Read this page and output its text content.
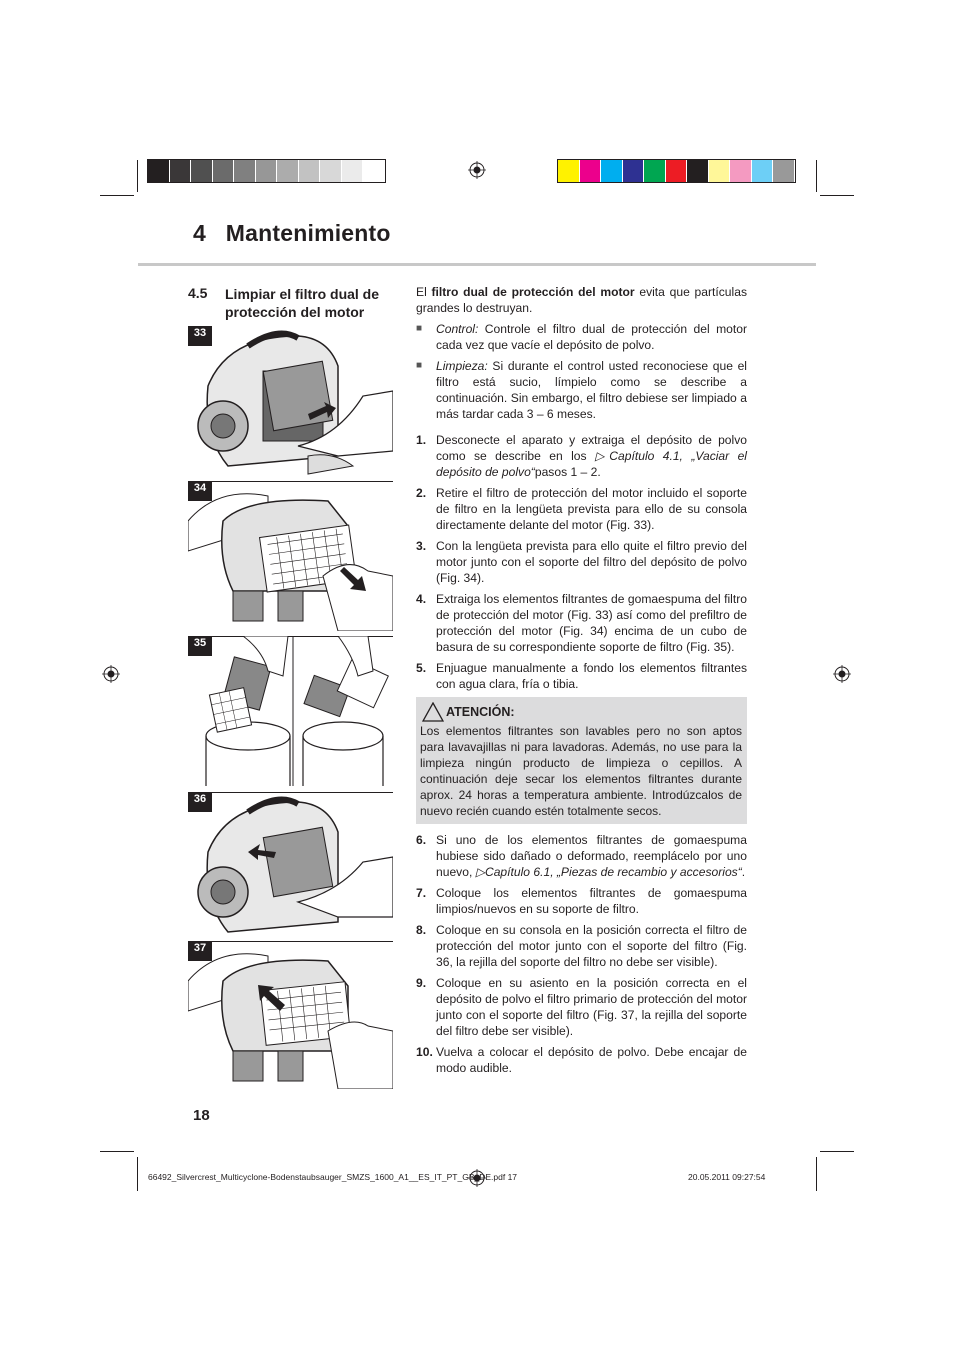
4 Mantenimiento
4.5 Limpiar el filtro dual de protección del motor
33
34
35
36
37

El filtro dual de protección del motor evita que partículas grandes lo destruyan.

■ Control: Controle el filtro dual de protección del motor cada vez que vacíe el depósito de polvo.
■ Limpieza: Si durante el control usted reconociese que el filtro está sucio, límpielo como se describe a continuación. Sin embargo, el filtro debiese ser limpiado a más tardar cada 3 – 6 meses.
1. Desconecte el aparato y extraiga el depósito de polvo como se describe en los ▷Capítulo 4.1, „Vaciar el depósito de polvo“pasos 1 – 2.
2. Retire el filtro de protección del motor incluido el soporte de filtro en la lengüeta prevista para ello de su consola directamente delante del motor (Fig. 33).
3. Con la lengüeta prevista para ello quite el filtro previo del motor junto con el soporte del filtro del depósito de polvo (Fig. 34).
4. Extraiga los elementos filtrantes de gomaespuma del filtro de protección del motor (Fig. 33) así como del prefiltro de protección del motor (Fig. 34) encima de un cubo de basura de su correspondiente soporte de filtro (Fig. 35).
5. Enjuague manualmente a fondo los elementos filtrantes con agua clara, fría o tibia.
ATENCIÓN:
Los elementos filtrantes son lavables pero no son aptos para lavavajillas ni para lavadoras. Además, no use para la limpieza ningún producto de limpieza o cepillos. A continuación deje secar los elementos filtrantes durante aprox. 24 horas a temperatura ambiente. Introdúzcalos de nuevo recién cuando estén totalmente secos.
6. Si uno de los elementos filtrantes de gomaespuma hubiese sido dañado o deformado, reemplácelo por uno nuevo, ▷Capítulo 6.1, „Piezas de recambio y accesorios“.
7. Coloque los elementos filtrantes de gomaespuma limpios/nuevos en su soporte de filtro.
8. Coloque en su consola en la posición correcta el filtro de protección del motor junto con el soporte del filtro (Fig. 36, la rejilla del soporte del filtro no debe ser visible).
9. Coloque en su asiento en la posición correcta en el depósito de polvo el filtro primario de protección del motor junto con el soporte del filtro (Fig. 37, la rejilla del soporte del filtro debe ser visible).
10. Vuelva a colocar el depósito de polvo. Debe encajar de modo audible.
18
66492_Silvercrest_Multicyclone-Bodenstaubsauger_SMZS_1600_A1__ES_IT_PT_GB_DE.pdf 17	20.05.2011 09:27:54
